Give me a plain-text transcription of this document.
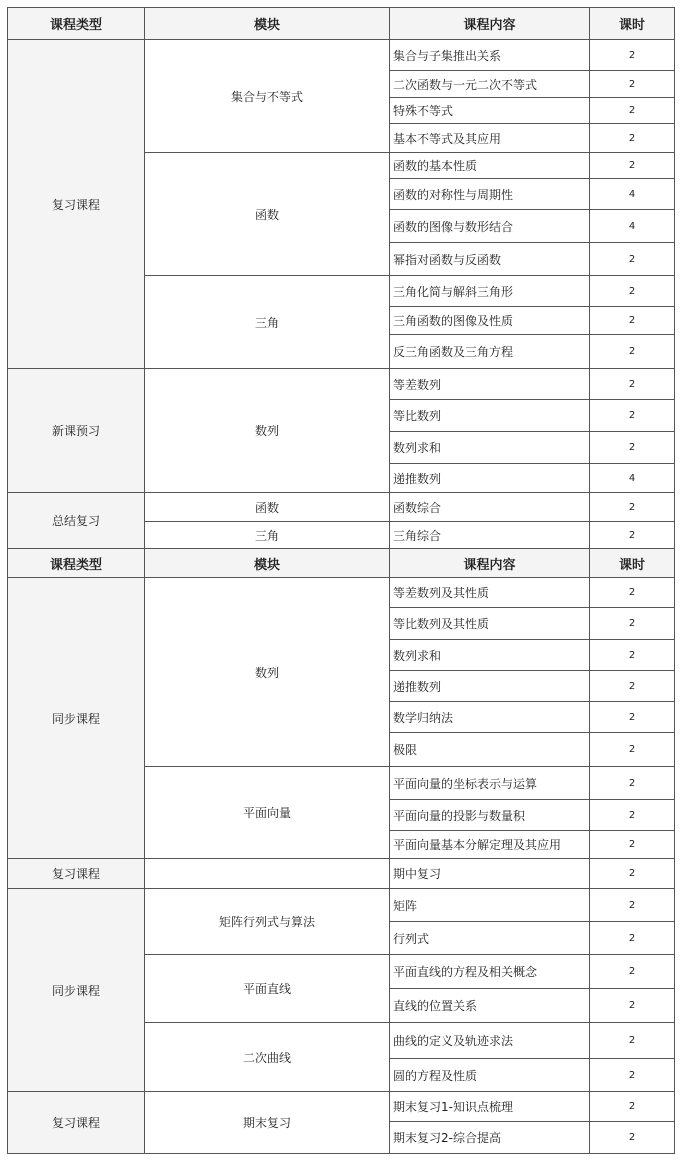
课程类型	模块	课程内容	课时
复习课程	集合与不等式	集合与子集推出关系	2
		二次函数与一元二次不等式	2
		特殊不等式	2
		基本不等式及其应用	2
	函数	函数的基本性质	2
		函数的对称性与周期性	4
		函数的图像与数形结合	4
		幂指对函数与反函数	2
	三角	三角化简与解斜三角形	2
		三角函数的图像及性质	2
		反三角函数及三角方程	2
新课预习	数列	等差数列	2
		等比数列	2
		数列求和	2
		递推数列	4
总结复习	函数	函数综合	2
	三角	三角综合	2
课程类型	模块	课程内容	课时
同步课程	数列	等差数列及其性质	2
		等比数列及其性质	2
		数列求和	2
		递推数列	2
		数学归纳法	2
		极限	2
	平面向量	平面向量的坐标表示与运算	2
		平面向量的投影与数量积	2
		平面向量基本分解定理及其应用	2
复习课程		期中复习	2
同步课程	矩阵行列式与算法	矩阵	2
		行列式	2
	平面直线	平面直线的方程及相关概念	2
		直线的位置关系	2
	二次曲线	曲线的定义及轨迹求法	2
		圆的方程及性质	2
复习课程	期末复习	期末复习1-知识点梳理	2
		期末复习2-综合提高	2
